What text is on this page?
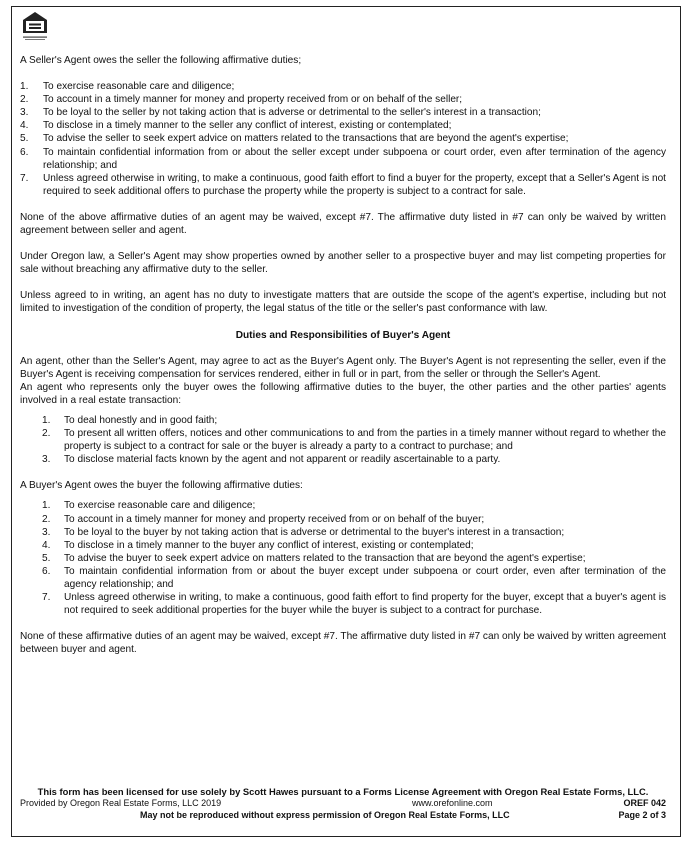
A Seller's Agent owes the seller the following affirmative duties;

1. To exercise reasonable care and diligence;
2. To account in a timely manner for money and property received from or on behalf of the seller;
3. To be loyal to the seller by not taking action that is adverse or detrimental to the seller's interest in a transaction;
4. To disclose in a timely manner to the seller any conflict of interest, existing or contemplated;
5. To advise the seller to seek expert advice on matters related to the transactions that are beyond the agent's expertise;
6. To maintain confidential information from or about the seller except under subpoena or court order, even after termination of the agency relationship; and
7. Unless agreed otherwise in writing, to make a continuous, good faith effort to find a buyer for the property, except that a Seller's Agent is not required to seek additional offers to purchase the property while the property is subject to a contract for sale.

None of the above affirmative duties of an agent may be waived, except #7. The affirmative duty listed in #7 can only be waived by written agreement between seller and agent.

Under Oregon law, a Seller's Agent may show properties owned by another seller to a prospective buyer and may list competing properties for sale without breaching any affirmative duty to the seller.

Unless agreed to in writing, an agent has no duty to investigate matters that are outside the scope of the agent's expertise, including but not limited to investigation of the condition of property, the legal status of the title or the seller's past conformance with law.

Duties and Responsibilities of Buyer's Agent

An agent, other than the Seller's Agent, may agree to act as the Buyer's Agent only. The Buyer's Agent is not representing the seller, even if the Buyer's Agent is receiving compensation for services rendered, either in full or in part, from the seller or through the Seller's Agent.

An agent who represents only the buyer owes the following affirmative duties to the buyer, the other parties and the other parties' agents involved in a real estate transaction:

1. To deal honestly and in good faith;
2. To present all written offers, notices and other communications to and from the parties in a timely manner without regard to whether the property is subject to a contract for sale or the buyer is already a party to a contract to purchase; and
3. To disclose material facts known by the agent and not apparent or readily ascertainable to a party.

A Buyer's Agent owes the buyer the following affirmative duties:

1. To exercise reasonable care and diligence;
2. To account in a timely manner for money and property received from or on behalf of the buyer;
3. To be loyal to the buyer by not taking action that is adverse or detrimental to the buyer's interest in a transaction;
4. To disclose in a timely manner to the buyer any conflict of interest, existing or contemplated;
5. To advise the buyer to seek expert advice on matters related to the transaction that are beyond the agent's expertise;
6. To maintain confidential information from or about the buyer except under subpoena or court order, even after termination of the agency relationship; and
7. Unless agreed otherwise in writing, to make a continuous, good faith effort to find property for the buyer, except that a buyer's agent is not required to seek additional properties for the buyer while the buyer is subject to a contract for purchase.

None of these affirmative duties of an agent may be waived, except #7. The affirmative duty listed in #7 can only be waived by written agreement between buyer and agent.

This form has been licensed for use solely by Scott Hawes pursuant to a Forms License Agreement with Oregon Real Estate Forms, LLC.
Provided by Oregon Real Estate Forms, LLC 2019	www.orefonline.com	OREF 042
May not be reproduced without express permission of Oregon Real Estate Forms, LLC	Page 2 of 3
